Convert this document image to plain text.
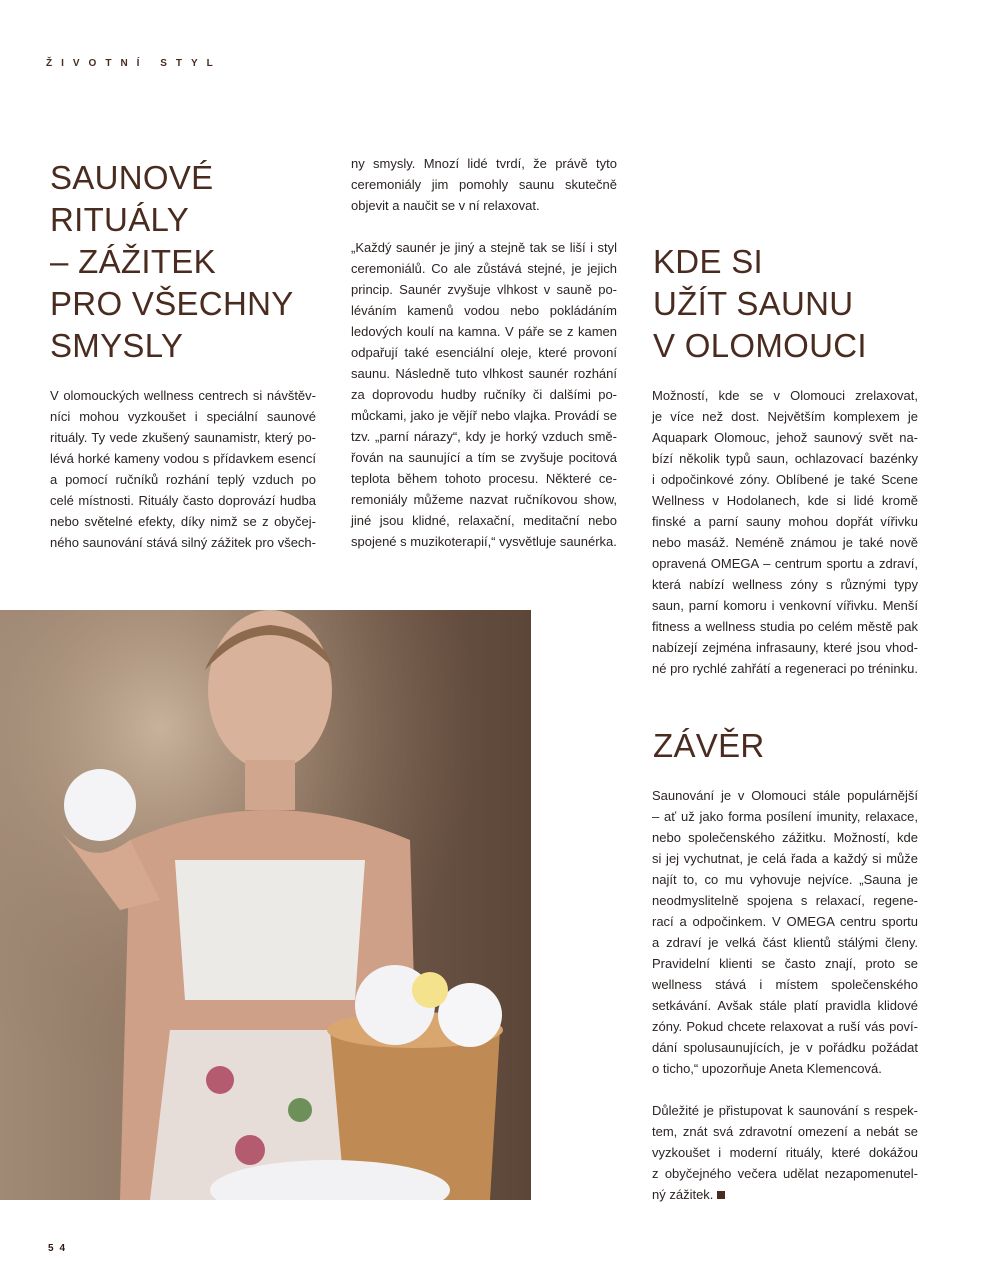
ŽIVOTNÍ STYL
SAUNOVÉ
RITUÁLY
– ZÁŽITEK
PRO VŠECHNY
SMYSLY
V olomouckých wellness centrech si návštěv-
níci mohou vyzkoušet i speciální saunové
rituály. Ty vede zkušený saunamistr, který po-
lévá horké kameny vodou s přídavkem esencí
a pomocí ručníků rozhání teplý vzduch po
celé místnosti. Rituály často doprovází hudba
nebo světelné efekty, díky nimž se z obyčej-
ného saunování stává silný zážitek pro všech-
ny smysly. Mnozí lidé tvrdí, že právě tyto
ceremoniály jim pomohly saunu skutečně
objevit a naučit se v ní relaxovat.
„Každý saunér je jiný a stejně tak se liší i styl
ceremoniálů. Co ale zůstává stejné, je jejich
princip. Saunér zvyšuje vlhkost v sauně po-
léváním kamenů vodou nebo pokládáním
ledových koulí na kamna. V páře se z kamen
odpařují také esenciální oleje, které provoní
saunu. Následně tuto vlhkost saunér rozhání
za doprovodu hudby ručníky či dalšími po-
můckami, jako je vějíř nebo vlajka. Provádí se
tzv. „parní nárazy“, kdy je horký vzduch smě-
řován na saunující a tím se zvyšuje pocitová
teplota během tohoto procesu. Některé ce-
remoniály můžeme nazvat ručníkovou show,
jiné jsou klidné, relaxační, meditační nebo
spojené s muzikoterapií,“ vysvětluje saunérka.
KDE SI
UŽÍT SAUNU
V OLOMOUCI
Možností, kde se v Olomouci zrelaxovat,
je více než dost. Největším komplexem je
Aquapark Olomouc, jehož saunový svět na-
bízí několik typů saun, ochlazovací bazénky
i odpočinkové zóny. Oblíbené je také Scene
Wellness v Hodolanech, kde si lidé kromě
finské a parní sauny mohou dopřát vířivku
nebo masáž. Neméně známou je také nově
opravená OMEGA – centrum sportu a zdraví,
která nabízí wellness zóny s různými typy
saun, parní komoru i venkovní vířivku. Menší
fitness a wellness studia po celém městě pak
nabízejí zejména infrasauny, které jsou vhod-
né pro rychlé zahřátí a regeneraci po tréninku.
ZÁVĚR
Saunování je v Olomouci stále populárnější
– ať už jako forma posílení imunity, relaxace,
nebo společenského zážitku. Možností, kde
si jej vychutnat, je celá řada a každý si může
najít to, co mu vyhovuje nejvíce. „Sauna je
neodmyslitelně spojena s relaxací, regene-
rací a odpočinkem. V OMEGA centru sportu
a zdraví je velká část klientů stálými členy.
Pravidelní klienti se často znají, proto se
wellness stává i místem společenského
setkávání. Avšak stále platí pravidla klidové
zóny. Pokud chcete relaxovat a ruší vás poví-
dání spolusaunujících, je v pořádku požádat
o ticho,“ upozorňuje Aneta Klemencová.
Důležité je přistupovat k saunování s respek-
tem, znát svá zdravotní omezení a nebát se
vyzkoušet i moderní rituály, které dokážou
z obyčejného večera udělat nezapomenutel-
ný zážitek.
54
